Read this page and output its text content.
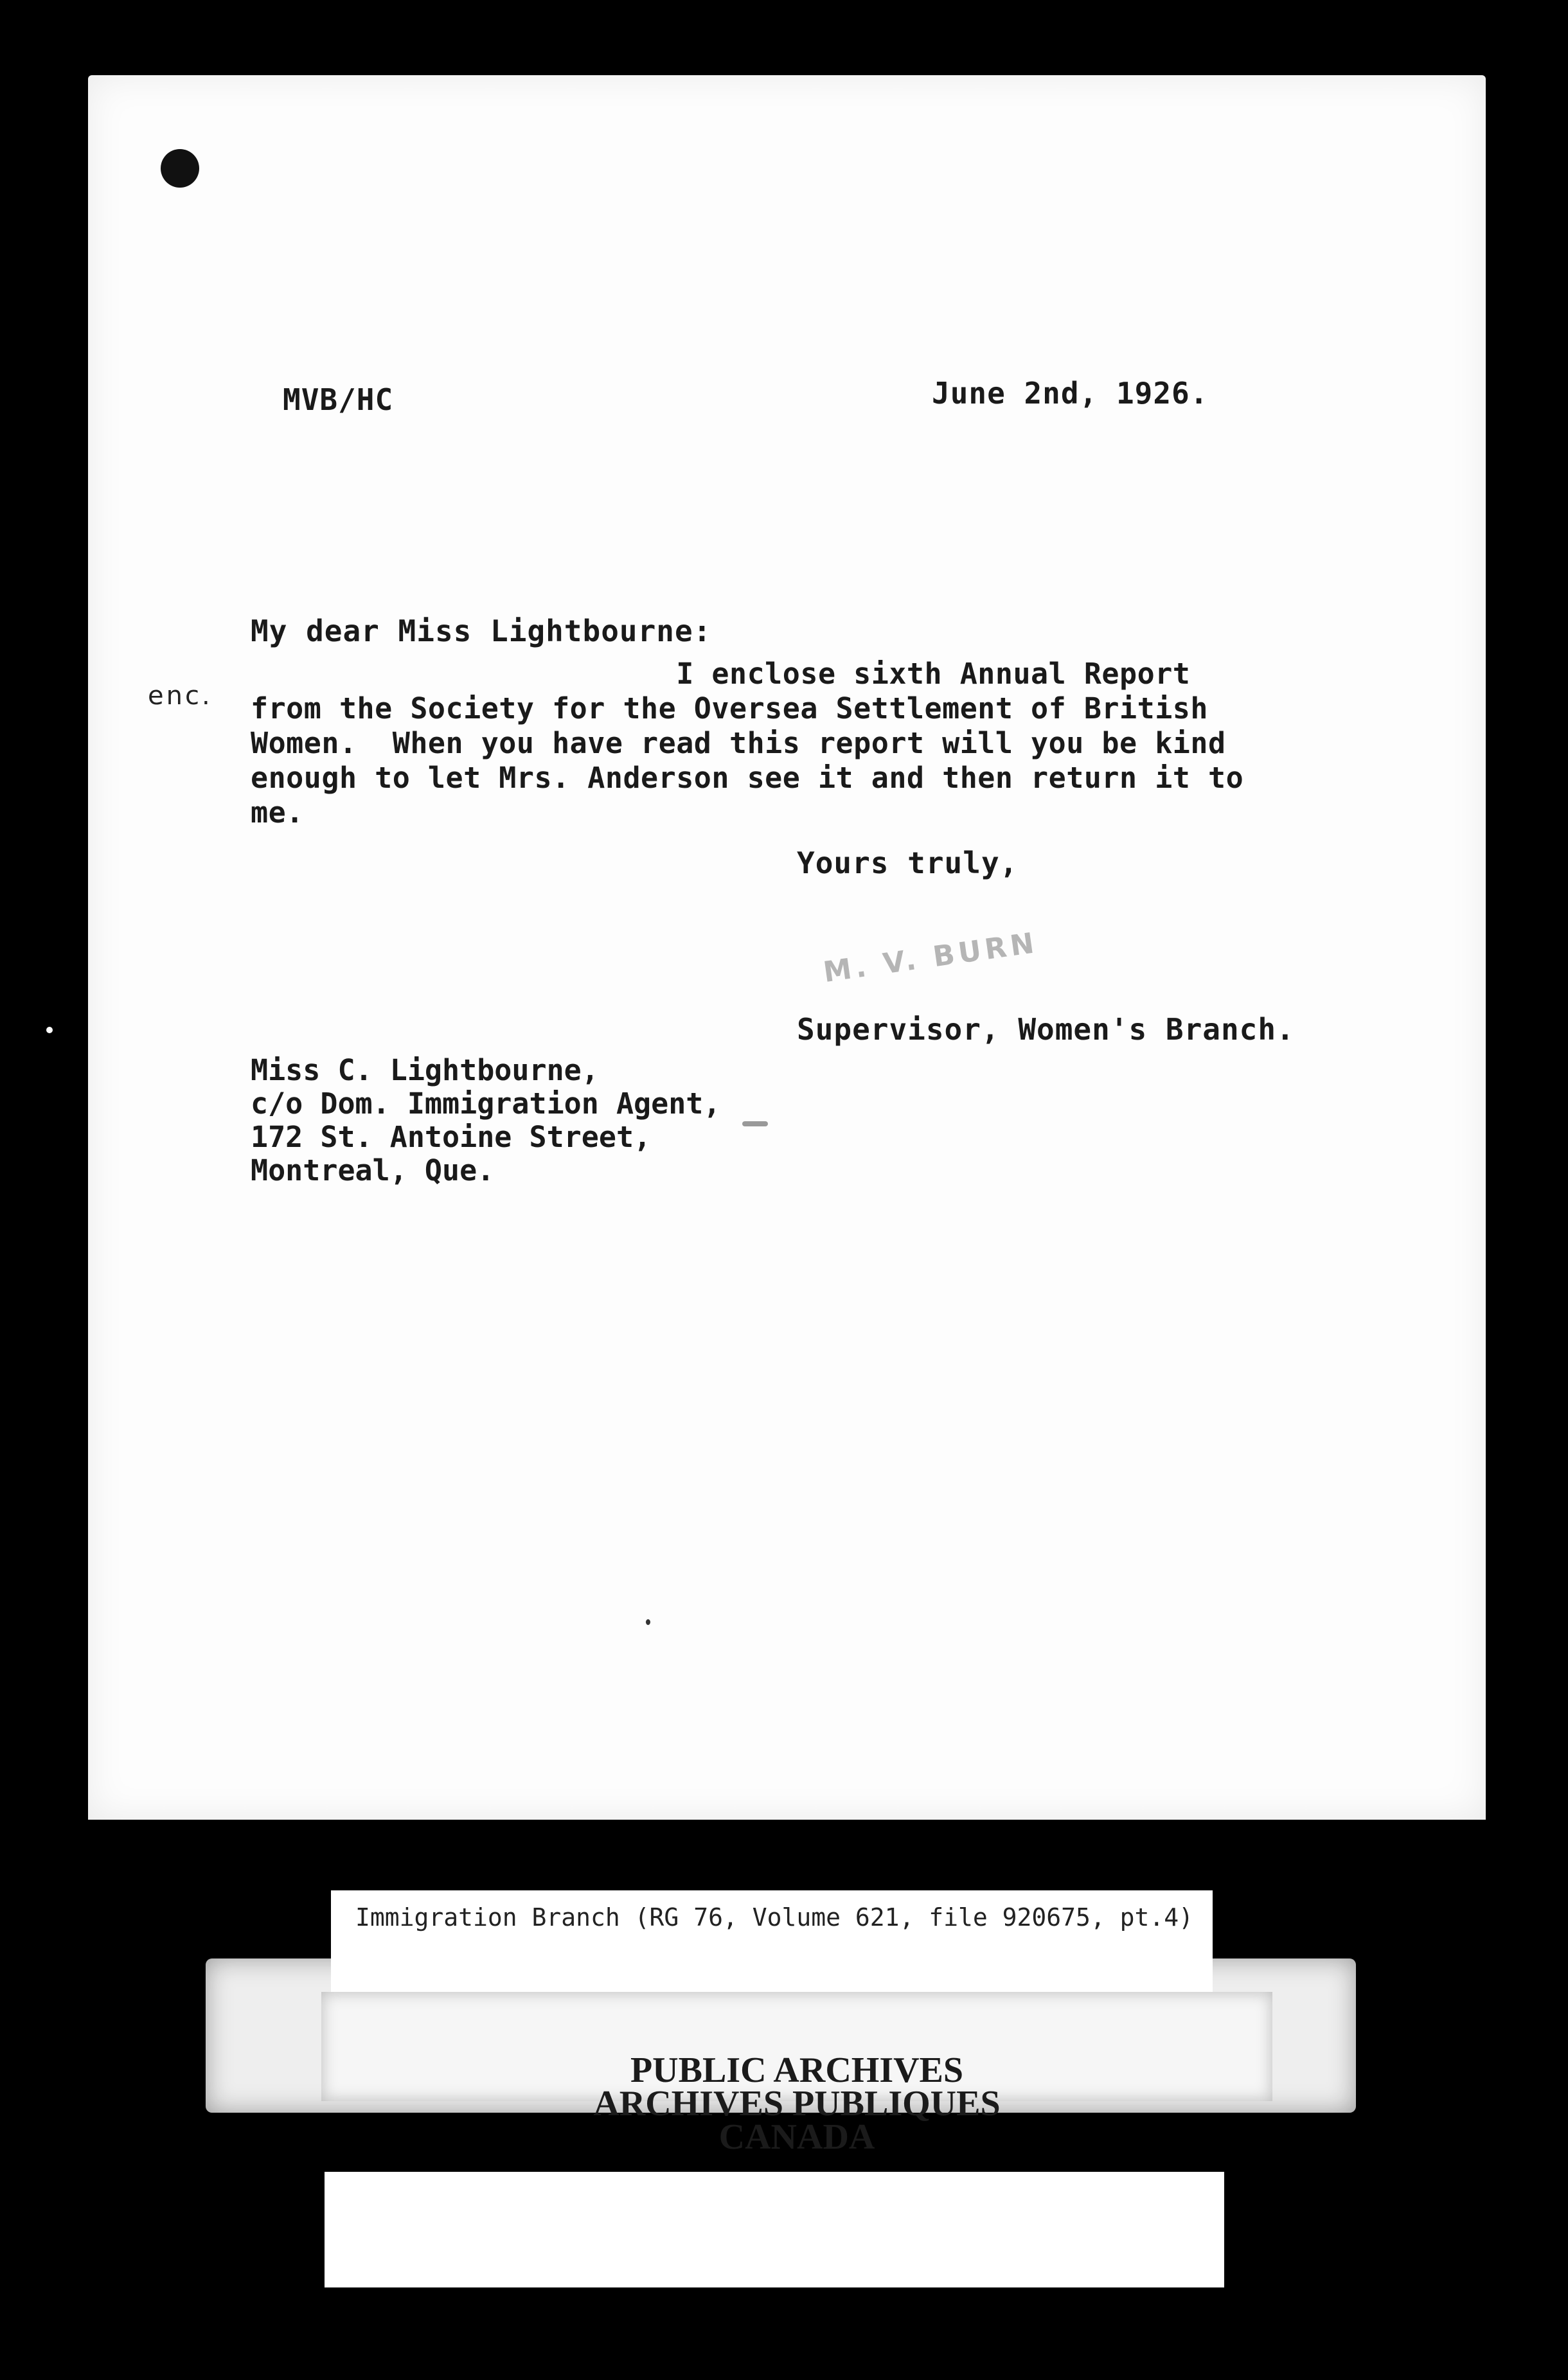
MVB/HC	June 2nd, 1926.
My dear Miss Lightbourne:
enc.
I enclose sixth Annual Report
from the Society for the Oversea Settlement of British
Women.  When you have read this report will you be kind
enough to let Mrs. Anderson see it and then return it to
me.
Yours truly,
M. V. BURN
Supervisor, Women's Branch.
Miss C. Lightbourne,
c/o Dom. Immigration Agent,
172 St. Antoine Street,
Montreal, Que.
Immigration Branch (RG 76, Volume 621, file 920675, pt.4)
PUBLIC ARCHIVES
ARCHIVES PUBLIQUES
CANADA
